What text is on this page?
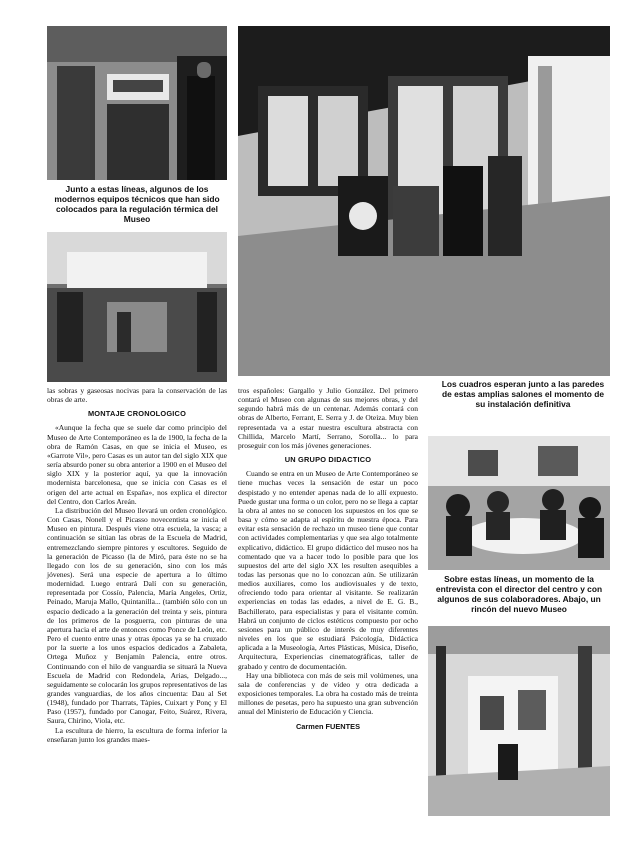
Junto a estas líneas, algunos de los modernos equipos técnicos que han sido colocados para la regulación térmica del Museo
Los cuadros esperan junto a las paredes de estas amplias salones el momento de su instalación definitiva
Sobre estas líneas, un momento de la entrevista con el director del centro y con algunos de sus colaboradores. Abajo, un rincón del nuevo Museo

las sobras y gaseosas nocivas para la conservación de las obras de arte.

MONTAJE CRONOLOGICO

«Aunque la fecha que se suele dar como principio del Museo de Arte Contemporáneo es la de 1900, la fecha de la obra de Ramón Casas, en que se inicia el Museo, es «Garrote Vil», pero Casas es un autor tan del siglo XIX que sería absurdo poner su obra anterior a 1900 en el Museo del siglo XIX y la posterior aquí, ya que la innovación modernista barcelonesa, que se inicia con Casas es el origen del arte actual en España», nos explica el director del Centro, don Carlos Areán.

La distribución del Museo llevará un orden cronológico. Con Casas, Nonell y el Picasso novecentista se inicia el Museo en pintura. Después viene otra escuela, la vasca; a continuación se sitúan las obras de la Escuela de Madrid, entremezclando siempre pintores y escultores. Seguido de la generación de Picasso (la de Miró, para éste no se ha llegado con los de su generación, sino con los más jóvenes). Será una especie de apertura a lo último modernidad. Luego entrará Dalí con su generación, representada por Cossío, Palencia, María Angeles, Ortiz, Peinado, Maruja Mallo, Quintanilla... (también sólo con un espacio dedicado a la generación del treinta y seis, pintura de los primeros de la posguerra, con pinturas de una apertura hacia el arte de entonces como Ponce de León, etc. Pero el cuento entre unas y otras épocas ya se ha cruzado por la suerte a los unos espacios dedicados a Zabaleta, Ortega Muñoz y Benjamín Palencia, entre otros. Continuando con el hilo de vanguardia se situará la Nueva Escuela de Madrid con Redondela, Arias, Delgado..., seguidamente se colocarán los grupos representativos de las grandes vanguardias, de los años cincuenta: Dau al Set (1948), fundado por Tharrats, Tàpies, Cuixart y Ponç y El Paso (1957), fundado por Canogar, Feito, Suárez, Rivera, Saura, Chirino, Viola, etc.

La escultura de hierro, la escultura de forma inferior la enseñaran junto los grandes maes-

tros españoles: Gargallo y Julio González. Del primero contará el Museo con algunas de sus mejores obras, y del segundo habrá más de un centenar. Además contará con obras de Alberto, Ferrant, E. Serra y J. de Oteiza. Muy bien representada va a estar nuestra escultura abstracta con Chillida, Marcelo Martí, Serrano, Sorolla... lo para proseguir con los más jóvenes generaciones.

UN GRUPO DIDACTICO

Cuando se entra en un Museo de Arte Contemporáneo se tiene muchas veces la sensación de estar un poco despistado y no entender apenas nada de lo allí expuesto. Puede gustar una forma o un color, pero no se llega a captar la obra al antes no se conocen los supuestos en los que se basa y cómo se adapta al espíritu de nuestra época. Para evitar esta sensación de rechazo un museo tiene que contar con actividades complementarias y que sea algo totalmente explicativo, didáctico. El grupo didáctico del museo nos ha comentado que va a hacer todo lo posible para que los supuestos del arte del siglo XX les resulten asequibles a todas las personas que no lo conozcan aún. Se utilizarán medios auxiliares, como los audiovisuales y de texto, ofreciendo todo para orientar al visitante. Se realizarán experiencias en todas las edades, a nivel de E. G. B., Bachillerato, para especialistas y para el visitante común. Habrá un conjunto de ciclos estéticos compuesto por ocho sesiones para un público de interés de muy diferentes niveles en los que se estudiará Psicología, Didáctica aplicada a la Museología, Artes Plásticas, Música, Diseño, Arquitectura, Experiencias cinematográficas, taller de grabado y centro de documentación.

Hay una biblioteca con más de seis mil volúmenes, una sala de conferencias y de vídeo y otra dedicada a exposiciones temporales. La obra ha costado más de treinta millones de pesetas, pero ha supuesto una gran subvención anual del Ministerio de Educación y Ciencia.

Carmen FUENTES
